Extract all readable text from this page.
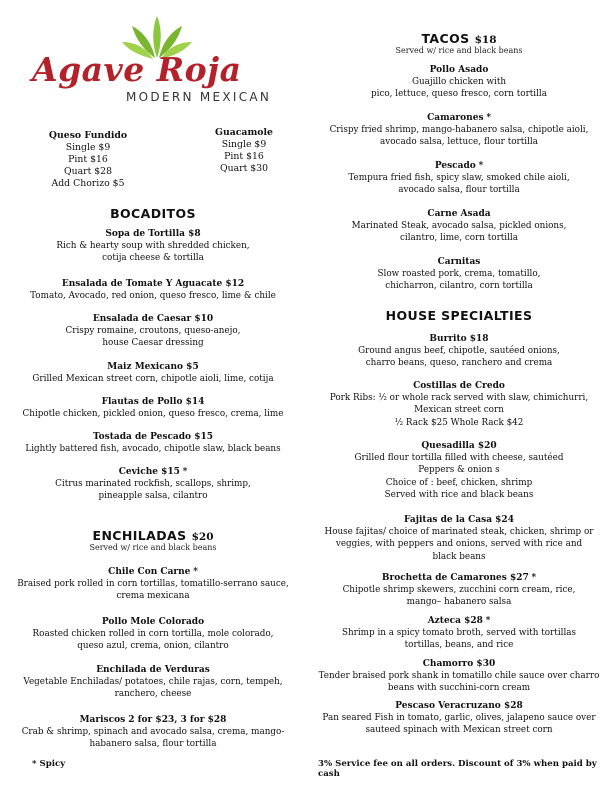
Agave Roja
MODERN MEXICAN
Queso Fundido
Single $9
Pint $16
Quart $28
Add Chorizo $5
Guacamole
Single $9
Pint $16
Quart $30
BOCADITOS
Sopa de Tortilla $8
Rich & hearty soup with shredded chicken,
cotija cheese & tortilla
Ensalada de Tomate Y Aguacate $12
Tomato, Avocado, red onion, queso fresco, lime & chile
Ensalada de Caesar $10
Crispy romaine, croutons, queso-anejo,
house Caesar dressing
Maiz Mexicano $5
Grilled Mexican street corn, chipotle aioli, lime, cotija
Flautas de Pollo $14
Chipotle chicken, pickled onion, queso fresco, crema, lime
Tostada de Pescado $15
Lightly battered fish, avocado, chipotle slaw, black beans
Ceviche $15 *
Citrus marinated rockfish, scallops, shrimp,
pineapple salsa, cilantro
ENCHILADAS $20
Served w/ rice and black beans
Chile Con Carne *
Braised pork rolled in corn tortillas, tomatillo-serrano sauce,
crema mexicana
Pollo Mole Colorado
Roasted chicken rolled in corn tortilla, mole colorado,
queso azul, crema, onion, cilantro
Enchilada de Verduras
Vegetable Enchiladas/ potatoes, chile rajas, corn, tempeh,
ranchero, cheese
Mariscos 2 for $23, 3 for $28
Crab & shrimp, spinach and avocado salsa, crema, mango-
habanero salsa, flour tortilla
* Spicy
TACOS $18
Served w/ rice and black beans
Pollo Asado
Guajillo chicken with
pico, lettuce, queso fresco, corn tortilla
Camarones *
Crispy fried shrimp, mango-habanero salsa, chipotle aioli,
avocado salsa, lettuce, flour tortilla
Pescado *
Tempura fried fish, spicy slaw, smoked chile aioli,
avocado salsa, flour tortilla
Carne Asada
Marinated Steak, avocado salsa, pickled onions,
cilantro, lime, corn tortilla
Carnitas
Slow roasted pork, crema, tomatillo,
chicharron, cilantro, corn tortilla
HOUSE SPECIALTIES
Burrito $18
Ground angus beef, chipotle, sautéed onions,
charro beans, queso, ranchero and crema
Costillas de Credo
Pork Ribs: ½ or whole rack served with slaw, chimichurri,
Mexican street corn
½ Rack $25 Whole Rack $42
Quesadilla $20
Grilled flour tortilla filled with cheese, sautéed
Peppers & onion s
Choice of : beef, chicken, shrimp
Served with rice and black beans
Fajitas de la Casa $24
House fajitas/ choice of marinated steak, chicken, shrimp or
veggies, with peppers and onions, served with rice and
black beans
Brochetta de Camarones $27 *
Chipotle shrimp skewers, zucchini corn cream, rice,
mango– habanero salsa
Azteca $28 *
Shrimp in a spicy tomato broth, served with tortillas
tortillas, beans, and rice
Chamorro $30
Tender braised pork shank in tomatillo chile sauce over charro
beans with succhini-corn cream
Pescaso Veracruzano $28
Pan seared Fish in tomato, garlic, olives, jalapeno sauce over
sauteed spinach with Mexican street corn
3% Service fee on all orders. Discount of 3% when paid by cash
